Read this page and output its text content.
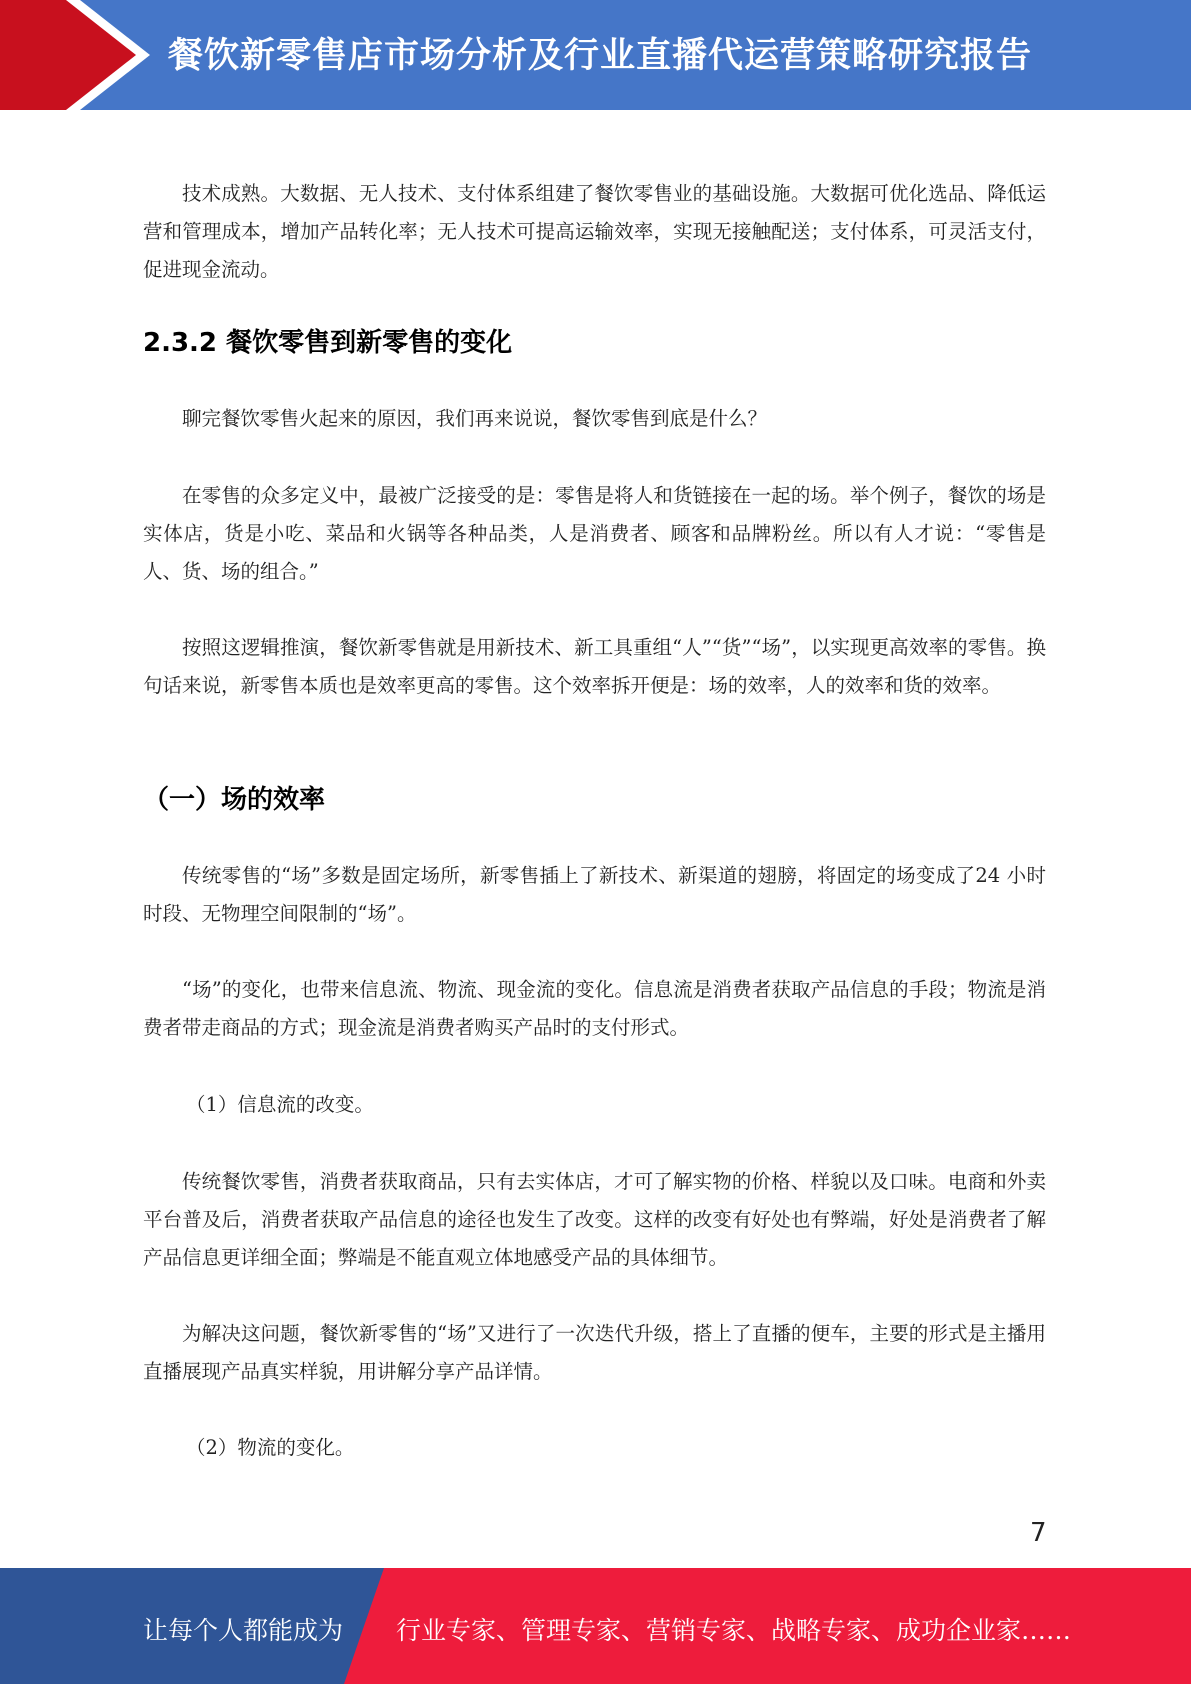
餐饮新零售店市场分析及行业直播代运营策略研究报告

技术成熟。大数据、无人技术、支付体系组建了餐饮零售业的基础设施。大数据可优化选品、降低运营和管理成本，增加产品转化率；无人技术可提高运输效率，实现无接触配送；支付体系，可灵活支付，促进现金流动。

2.3.2 餐饮零售到新零售的变化

聊完餐饮零售火起来的原因，我们再来说说，餐饮零售到底是什么？

在零售的众多定义中，最被广泛接受的是：零售是将人和货链接在一起的场。举个例子，餐饮的场是实体店，货是小吃、菜品和火锅等各种品类，人是消费者、顾客和品牌粉丝。所以有人才说：“零售是人、货、场的组合。”

按照这逻辑推演，餐饮新零售就是用新技术、新工具重组“人”“货”“场”，以实现更高效率的零售。换句话来说，新零售本质也是效率更高的零售。这个效率拆开便是：场的效率，人的效率和货的效率。

（一）场的效率

传统零售的“场”多数是固定场所，新零售插上了新技术、新渠道的翅膀，将固定的场变成了24 小时时段、无物理空间限制的“场”。

“场”的变化，也带来信息流、物流、现金流的变化。信息流是消费者获取产品信息的手段；物流是消费者带走商品的方式；现金流是消费者购买产品时的支付形式。

（1）信息流的改变。

传统餐饮零售，消费者获取商品，只有去实体店，才可了解实物的价格、样貌以及口味。电商和外卖平台普及后，消费者获取产品信息的途径也发生了改变。这样的改变有好处也有弊端，好处是消费者了解产品信息更详细全面；弊端是不能直观立体地感受产品的具体细节。

为解决这问题，餐饮新零售的“场”又进行了一次迭代升级，搭上了直播的便车，主要的形式是主播用直播展现产品真实样貌，用讲解分享产品详情。

（2）物流的变化。

7
让每个人都能成为 行业专家、管理专家、营销专家、战略专家、成功企业家……
